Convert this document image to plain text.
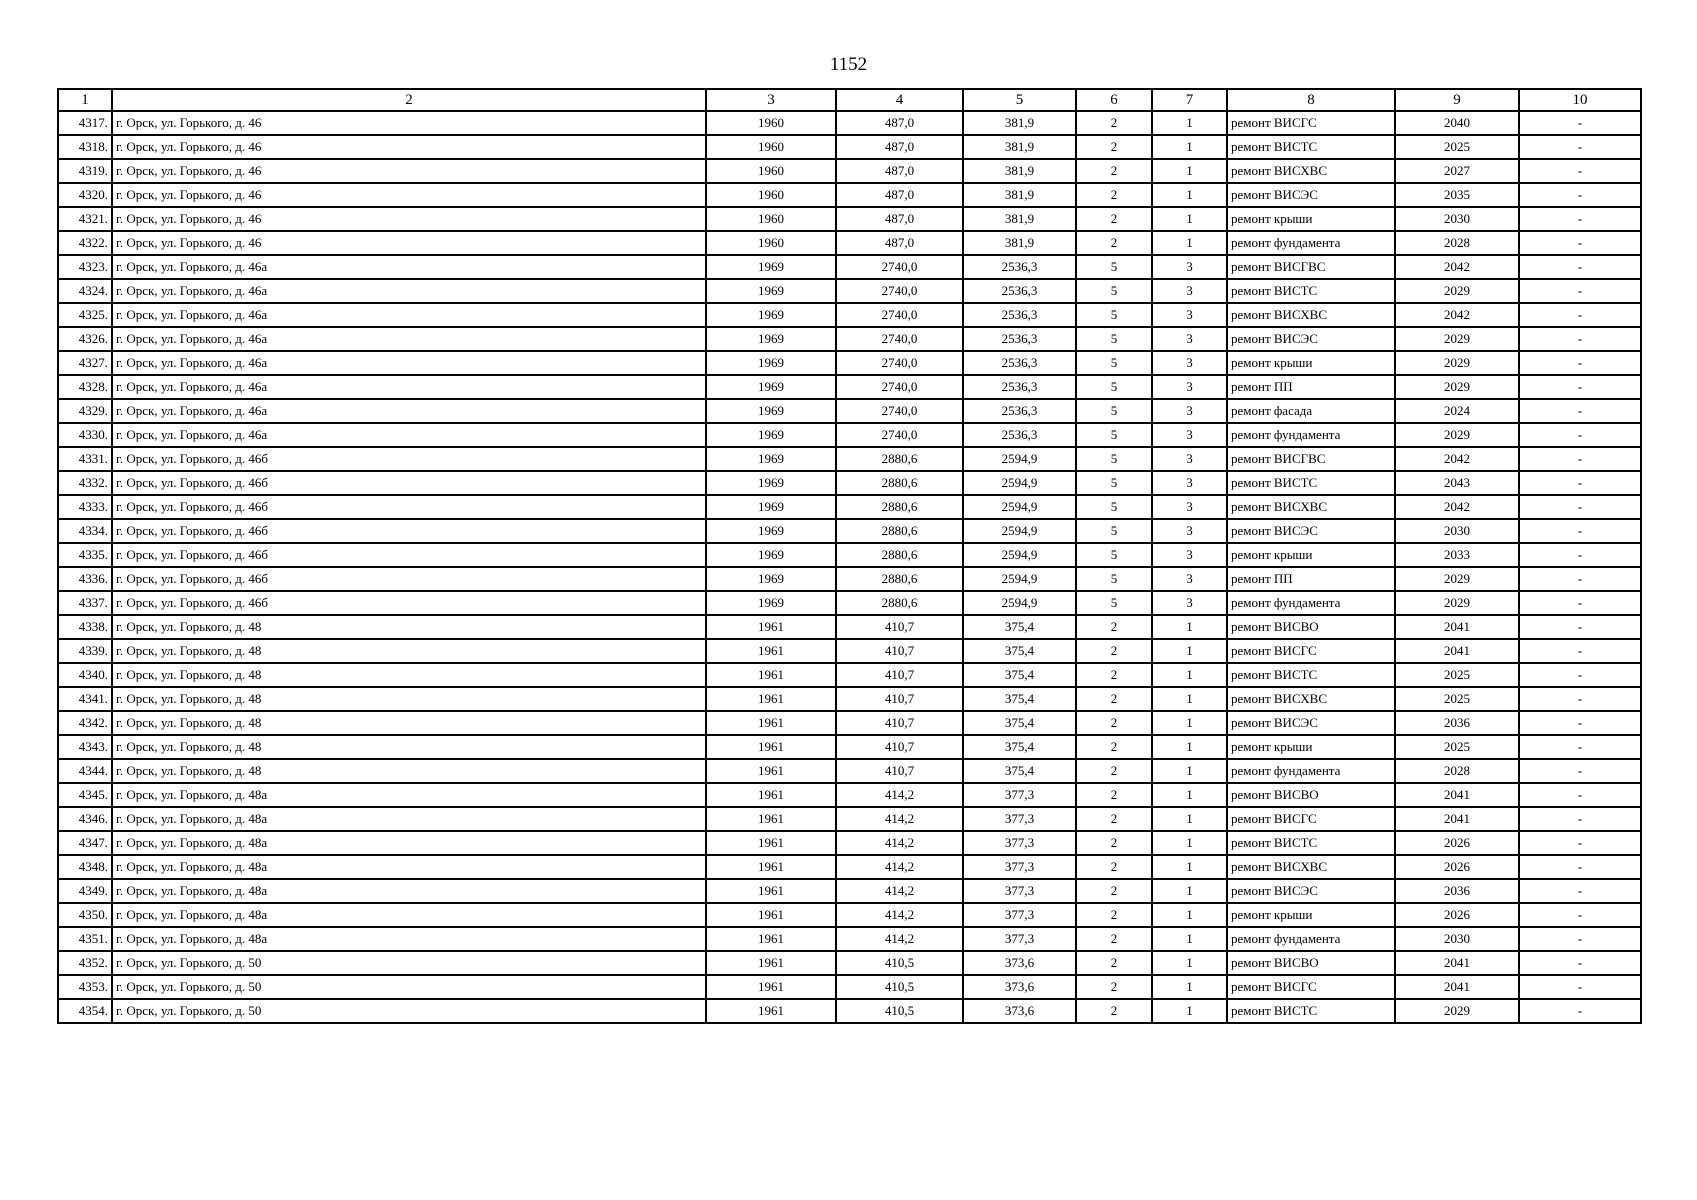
1152
1	2	3	4	5	6	7	8	9	10
4317.	г. Орск, ул. Горького, д. 46	1960	487,0	381,9	2	1	ремонт ВИСГС	2040	-
4318.	г. Орск, ул. Горького, д. 46	1960	487,0	381,9	2	1	ремонт ВИСТС	2025	-
4319.	г. Орск, ул. Горького, д. 46	1960	487,0	381,9	2	1	ремонт ВИСХВС	2027	-
4320.	г. Орск, ул. Горького, д. 46	1960	487,0	381,9	2	1	ремонт ВИСЭС	2035	-
4321.	г. Орск, ул. Горького, д. 46	1960	487,0	381,9	2	1	ремонт крыши	2030	-
4322.	г. Орск, ул. Горького, д. 46	1960	487,0	381,9	2	1	ремонт фундамента	2028	-
4323.	г. Орск, ул. Горького, д. 46а	1969	2740,0	2536,3	5	3	ремонт ВИСГВС	2042	-
4324.	г. Орск, ул. Горького, д. 46а	1969	2740,0	2536,3	5	3	ремонт ВИСТС	2029	-
4325.	г. Орск, ул. Горького, д. 46а	1969	2740,0	2536,3	5	3	ремонт ВИСХВС	2042	-
4326.	г. Орск, ул. Горького, д. 46а	1969	2740,0	2536,3	5	3	ремонт ВИСЭС	2029	-
4327.	г. Орск, ул. Горького, д. 46а	1969	2740,0	2536,3	5	3	ремонт крыши	2029	-
4328.	г. Орск, ул. Горького, д. 46а	1969	2740,0	2536,3	5	3	ремонт ПП	2029	-
4329.	г. Орск, ул. Горького, д. 46а	1969	2740,0	2536,3	5	3	ремонт фасада	2024	-
4330.	г. Орск, ул. Горького, д. 46а	1969	2740,0	2536,3	5	3	ремонт фундамента	2029	-
4331.	г. Орск, ул. Горького, д. 46б	1969	2880,6	2594,9	5	3	ремонт ВИСГВС	2042	-
4332.	г. Орск, ул. Горького, д. 46б	1969	2880,6	2594,9	5	3	ремонт ВИСТС	2043	-
4333.	г. Орск, ул. Горького, д. 46б	1969	2880,6	2594,9	5	3	ремонт ВИСХВС	2042	-
4334.	г. Орск, ул. Горького, д. 46б	1969	2880,6	2594,9	5	3	ремонт ВИСЭС	2030	-
4335.	г. Орск, ул. Горького, д. 46б	1969	2880,6	2594,9	5	3	ремонт крыши	2033	-
4336.	г. Орск, ул. Горького, д. 46б	1969	2880,6	2594,9	5	3	ремонт ПП	2029	-
4337.	г. Орск, ул. Горького, д. 46б	1969	2880,6	2594,9	5	3	ремонт фундамента	2029	-
4338.	г. Орск, ул. Горького, д. 48	1961	410,7	375,4	2	1	ремонт ВИСВО	2041	-
4339.	г. Орск, ул. Горького, д. 48	1961	410,7	375,4	2	1	ремонт ВИСГС	2041	-
4340.	г. Орск, ул. Горького, д. 48	1961	410,7	375,4	2	1	ремонт ВИСТС	2025	-
4341.	г. Орск, ул. Горького, д. 48	1961	410,7	375,4	2	1	ремонт ВИСХВС	2025	-
4342.	г. Орск, ул. Горького, д. 48	1961	410,7	375,4	2	1	ремонт ВИСЭС	2036	-
4343.	г. Орск, ул. Горького, д. 48	1961	410,7	375,4	2	1	ремонт крыши	2025	-
4344.	г. Орск, ул. Горького, д. 48	1961	410,7	375,4	2	1	ремонт фундамента	2028	-
4345.	г. Орск, ул. Горького, д. 48а	1961	414,2	377,3	2	1	ремонт ВИСВО	2041	-
4346.	г. Орск, ул. Горького, д. 48а	1961	414,2	377,3	2	1	ремонт ВИСГС	2041	-
4347.	г. Орск, ул. Горького, д. 48а	1961	414,2	377,3	2	1	ремонт ВИСТС	2026	-
4348.	г. Орск, ул. Горького, д. 48а	1961	414,2	377,3	2	1	ремонт ВИСХВС	2026	-
4349.	г. Орск, ул. Горького, д. 48а	1961	414,2	377,3	2	1	ремонт ВИСЭС	2036	-
4350.	г. Орск, ул. Горького, д. 48а	1961	414,2	377,3	2	1	ремонт крыши	2026	-
4351.	г. Орск, ул. Горького, д. 48а	1961	414,2	377,3	2	1	ремонт фундамента	2030	-
4352.	г. Орск, ул. Горького, д. 50	1961	410,5	373,6	2	1	ремонт ВИСВО	2041	-
4353.	г. Орск, ул. Горького, д. 50	1961	410,5	373,6	2	1	ремонт ВИСГС	2041	-
4354.	г. Орск, ул. Горького, д. 50	1961	410,5	373,6	2	1	ремонт ВИСТС	2029	-
